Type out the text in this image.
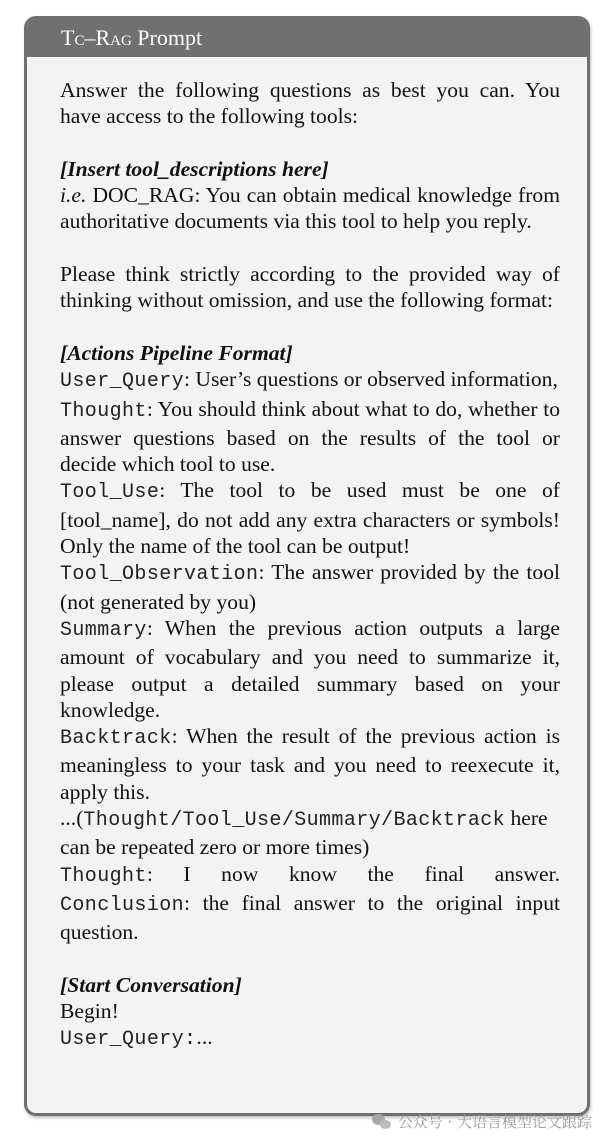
Tc–Rag Prompt

Answer the following questions as best you can. You have access to the following tools:

[Insert tool_descriptions here]

i.e. DOC_RAG: You can obtain medical knowledge from authoritative documents via this tool to help you reply.

Please think strictly according to the provided way of thinking without omission, and use the following format:

[Actions Pipeline Format]

User_Query: User’s questions or observed information,

Thought: You should think about what to do, whether to answer questions based on the results of the tool or decide which tool to use.

Tool_Use: The tool to be used must be one of [tool_name], do not add any extra characters or symbols! Only the name of the tool can be output!

Tool_Observation: The answer provided by the tool (not generated by you)

Summary: When the previous action outputs a large amount of vocabulary and you need to summarize it, please output a detailed summary based on your knowledge.

Backtrack: When the result of the previous action is meaningless to your task and you need to reexecute it, apply this.

...(Thought/Tool_Use/Summary/Backtrack here can be repeated zero or more times)

Thought: I now know the final answer.

Conclusion: the final answer to the original input question.

[Start Conversation]

Begin!

User_Query:...

公众号 · 大语言模型论文跟踪
